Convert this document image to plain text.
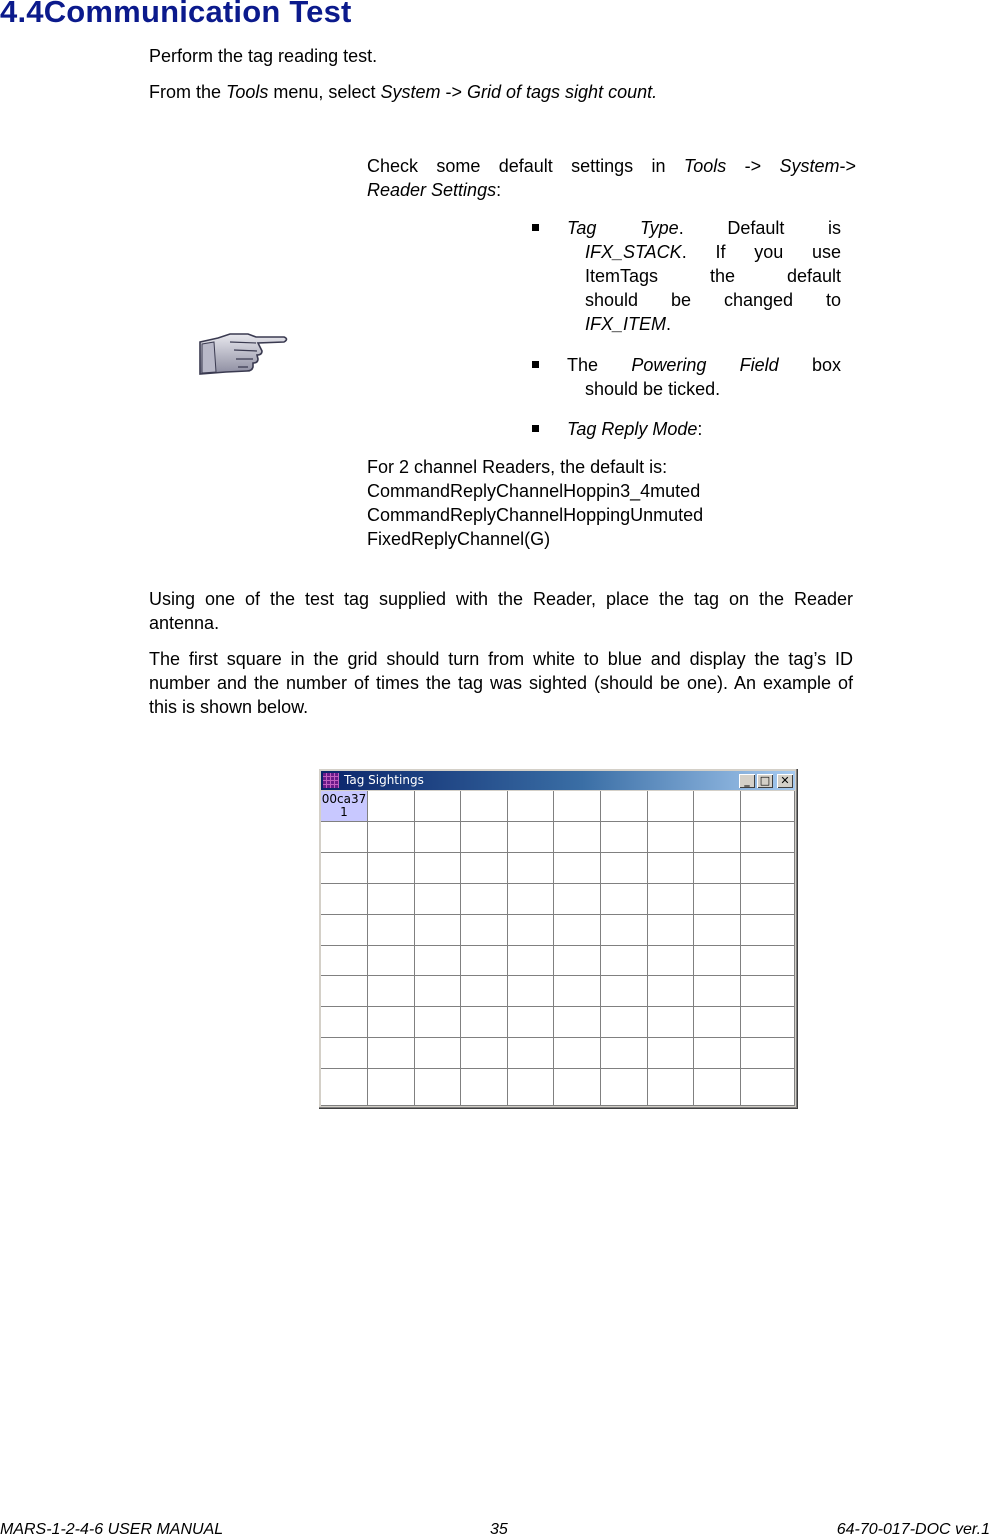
4.4Communication Test
Perform the tag reading test.
From the Tools menu, select System -> Grid of tags sight count.
Check some default settings in Tools -> System->
Reader Settings:
Tag Type. Default is
IFX_STACK. If you use
ItemTags the default
should be changed to
IFX_ITEM.
The Powering Field box
should be ticked.
Tag Reply Mode:
For 2 channel Readers, the default is:
CommandReplyChannelHoppin3_4muted
CommandReplyChannelHoppingUnmuted
FixedReplyChannel(G)
Using one of the test tag supplied with the Reader, place the tag on the Reader antenna.
The first square in the grid should turn from white to blue and display the tag’s ID number and the number of times the tag was sighted (should be one). An example of this is shown below.
Tag Sightings	_ □ ✕
00ca37
1
MARS-1-2-4-6 USER MANUAL	35	64-70-017-DOC ver.1
